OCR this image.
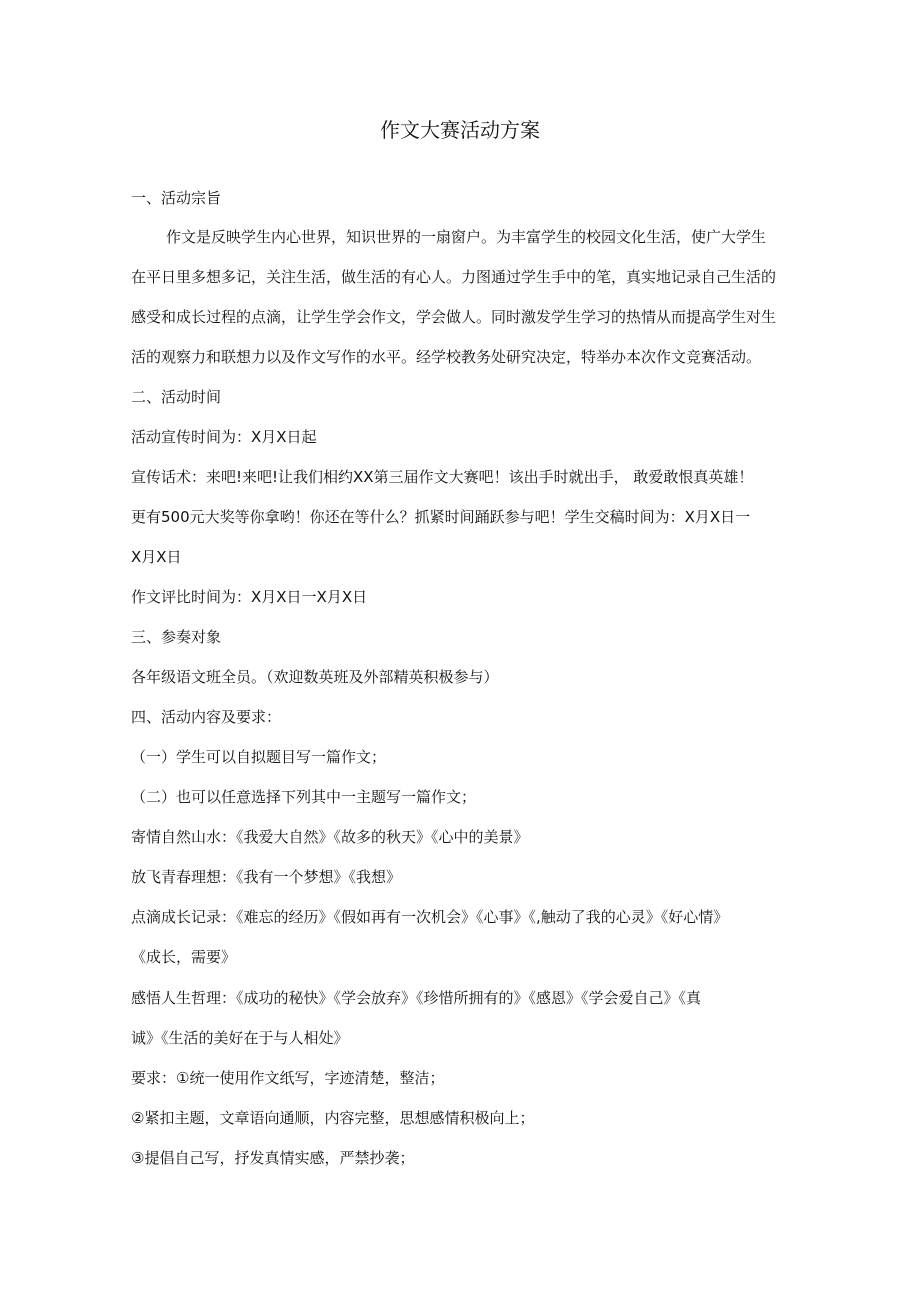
作文大赛活动方案
一、活动宗旨
作文是反映学生内心世界，知识世界的一扇窗户。为丰富学生的校园文化生活，使广大学生
在平日里多想多记，关注生活，做生活的有心人。力图通过学生手中的笔，真实地记录自己生活的
感受和成长过程的点滴，让学生学会作文，学会做人。同时激发学生学习的热情从而提高学生对生
活的观察力和联想力以及作文写作的水平。经学校教务处研究决定，特举办本次作文竞赛活动。
二、活动时间
活动宣传时间为：X月X日起
宣传话术：来吧!来吧!让我们相约XX第三届作文大赛吧！该出手时就出手， 敢爱敢恨真英雄！
更有500元大奖等你拿哟！你还在等什么？抓紧时间踊跃参与吧！学生交稿时间为：X月X日一
X月X日
作文评比时间为：X月X日一X月X日
三、参奏对象
各年级语文班全员。（欢迎数英班及外部精英积极参与）
四、活动内容及要求：
（一）学生可以自拟题目写一篇作文；
（二）也可以任意选择下列其中一主题写一篇作文；
寄情自然山水：《我爱大自然》《故多的秋天》《心中的美景》
放飞青春理想：《我有一个梦想》《我想》
点滴成长记录：《难忘的经历》《假如再有一次机会》《心事》《,触动了我的心灵》《好心情》
《成长，需要》
感悟人生哲理：《成功的秘快》《学会放弃》《珍惜所拥有的》《感恩》《学会爱自己》《真
诚》《生活的美好在于与人相处》
要求：①统一使用作文纸写，字迹清楚，整洁；
②紧扣主题，文章语向通顺，内容完整，思想感情积极向上；
③提倡自己写，抒发真情实感，严禁抄袭；
